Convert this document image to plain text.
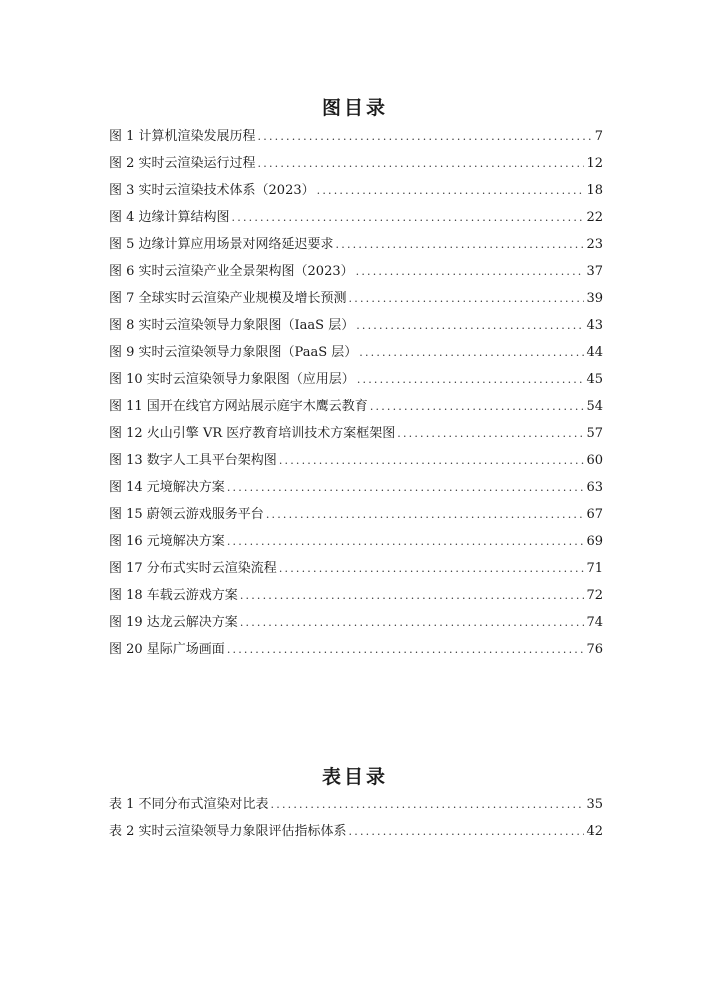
图目录
图 1 计算机渲染发展历程 .....	7
图 2 实时云渲染运行过程 .....	12
图 3 实时云渲染技术体系（2023） .....	18
图 4 边缘计算结构图 .....	22
图 5 边缘计算应用场景对网络延迟要求 .....	23
图 6 实时云渲染产业全景架构图（2023） .....	37
图 7 全球实时云渲染产业规模及增长预测 .....	39
图 8 实时云渲染领导力象限图（IaaS 层） .....	43
图 9 实时云渲染领导力象限图（PaaS 层） .....	44
图 10 实时云渲染领导力象限图（应用层） .....	45
图 11 国开在线官方网站展示庭宇木鹰云教育 .....	54
图 12 火山引擎 VR 医疗教育培训技术方案框架图 .....	57
图 13 数字人工具平台架构图 .....	60
图 14 元境解决方案 .....	63
图 15 蔚领云游戏服务平台 .....	67
图 16 元境解决方案 .....	69
图 17 分布式实时云渲染流程 .....	71
图 18 车载云游戏方案 .....	72
图 19 达龙云解决方案 .....	74
图 20 星际广场画面 .....	76
表目录
表 1 不同分布式渲染对比表 .....	35
表 2 实时云渲染领导力象限评估指标体系 .....	42
